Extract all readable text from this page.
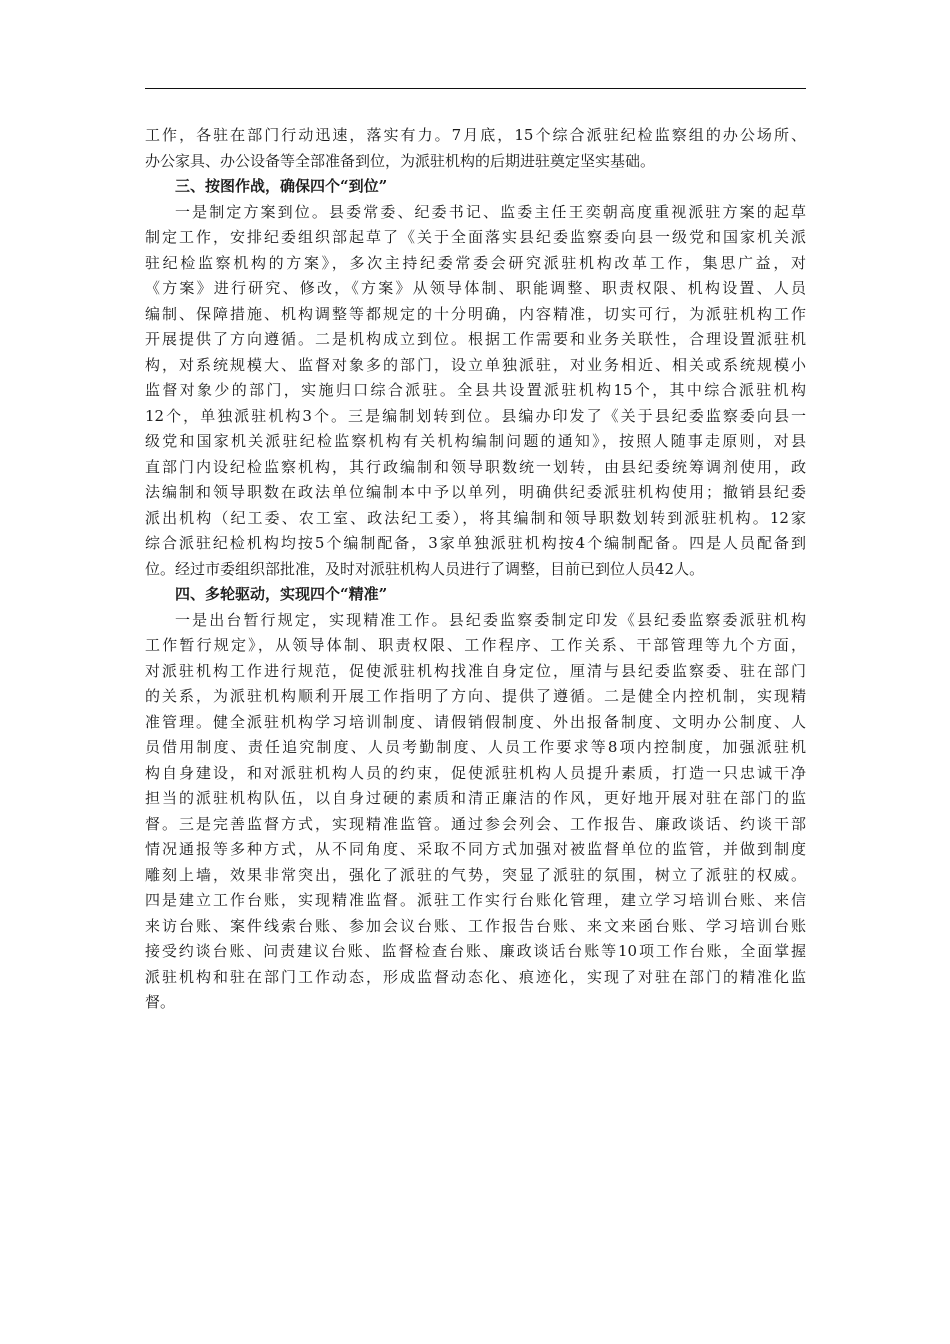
工作，各驻在部门行动迅速，落实有力。7月底，15个综合派驻纪检监察组的办公场所、
办公家具、办公设备等全部准备到位，为派驻机构的后期进驻奠定坚实基础。
三、按图作战，确保四个“到位”
一是制定方案到位。县委常委、纪委书记、监委主任王奕朝高度重视派驻方案的起草
制定工作，安排纪委组织部起草了《关于全面落实县纪委监察委向县一级党和国家机关派
驻纪检监察机构的方案》，多次主持纪委常委会研究派驻机构改革工作，集思广益，对
《方案》进行研究、修改，《方案》从领导体制、职能调整、职责权限、机构设置、人员
编制、保障措施、机构调整等都规定的十分明确，内容精准，切实可行，为派驻机构工作
开展提供了方向遵循。二是机构成立到位。根据工作需要和业务关联性，合理设置派驻机
构，对系统规模大、监督对象多的部门，设立单独派驻，对业务相近、相关或系统规模小
监督对象少的部门，实施归口综合派驻。全县共设置派驻机构15个，其中综合派驻机构
12个，单独派驻机构3个。三是编制划转到位。县编办印发了《关于县纪委监察委向县一
级党和国家机关派驻纪检监察机构有关机构编制问题的通知》，按照人随事走原则，对县
直部门内设纪检监察机构，其行政编制和领导职数统一划转，由县纪委统筹调剂使用，政
法编制和领导职数在政法单位编制本中予以单列，明确供纪委派驻机构使用；撤销县纪委
派出机构（纪工委、农工室、政法纪工委），将其编制和领导职数划转到派驻机构。12家
综合派驻纪检机构均按5个编制配备，3家单独派驻机构按4个编制配备。四是人员配备到
位。经过市委组织部批准，及时对派驻机构人员进行了调整，目前已到位人员42人。
四、多轮驱动，实现四个“精准”
一是出台暂行规定，实现精准工作。县纪委监察委制定印发《县纪委监察委派驻机构
工作暂行规定》，从领导体制、职责权限、工作程序、工作关系、干部管理等九个方面，
对派驻机构工作进行规范，促使派驻机构找准自身定位，厘清与县纪委监察委、驻在部门
的关系，为派驻机构顺利开展工作指明了方向、提供了遵循。二是健全内控机制，实现精
准管理。健全派驻机构学习培训制度、请假销假制度、外出报备制度、文明办公制度、人
员借用制度、责任追究制度、人员考勤制度、人员工作要求等8项内控制度，加强派驻机
构自身建设，和对派驻机构人员的约束，促使派驻机构人员提升素质，打造一只忠诚干净
担当的派驻机构队伍，以自身过硬的素质和清正廉洁的作风，更好地开展对驻在部门的监
督。三是完善监督方式，实现精准监管。通过参会列会、工作报告、廉政谈话、约谈干部
情况通报等多种方式，从不同角度、采取不同方式加强对被监督单位的监管，并做到制度
雕刻上墙，效果非常突出，强化了派驻的气势，突显了派驻的氛围，树立了派驻的权威。
四是建立工作台账，实现精准监督。派驻工作实行台账化管理，建立学习培训台账、来信
来访台账、案件线索台账、参加会议台账、工作报告台账、来文来函台账、学习培训台账
接受约谈台账、问责建议台账、监督检查台账、廉政谈话台账等10项工作台账，全面掌握
派驻机构和驻在部门工作动态，形成监督动态化、痕迹化，实现了对驻在部门的精准化监
督。
